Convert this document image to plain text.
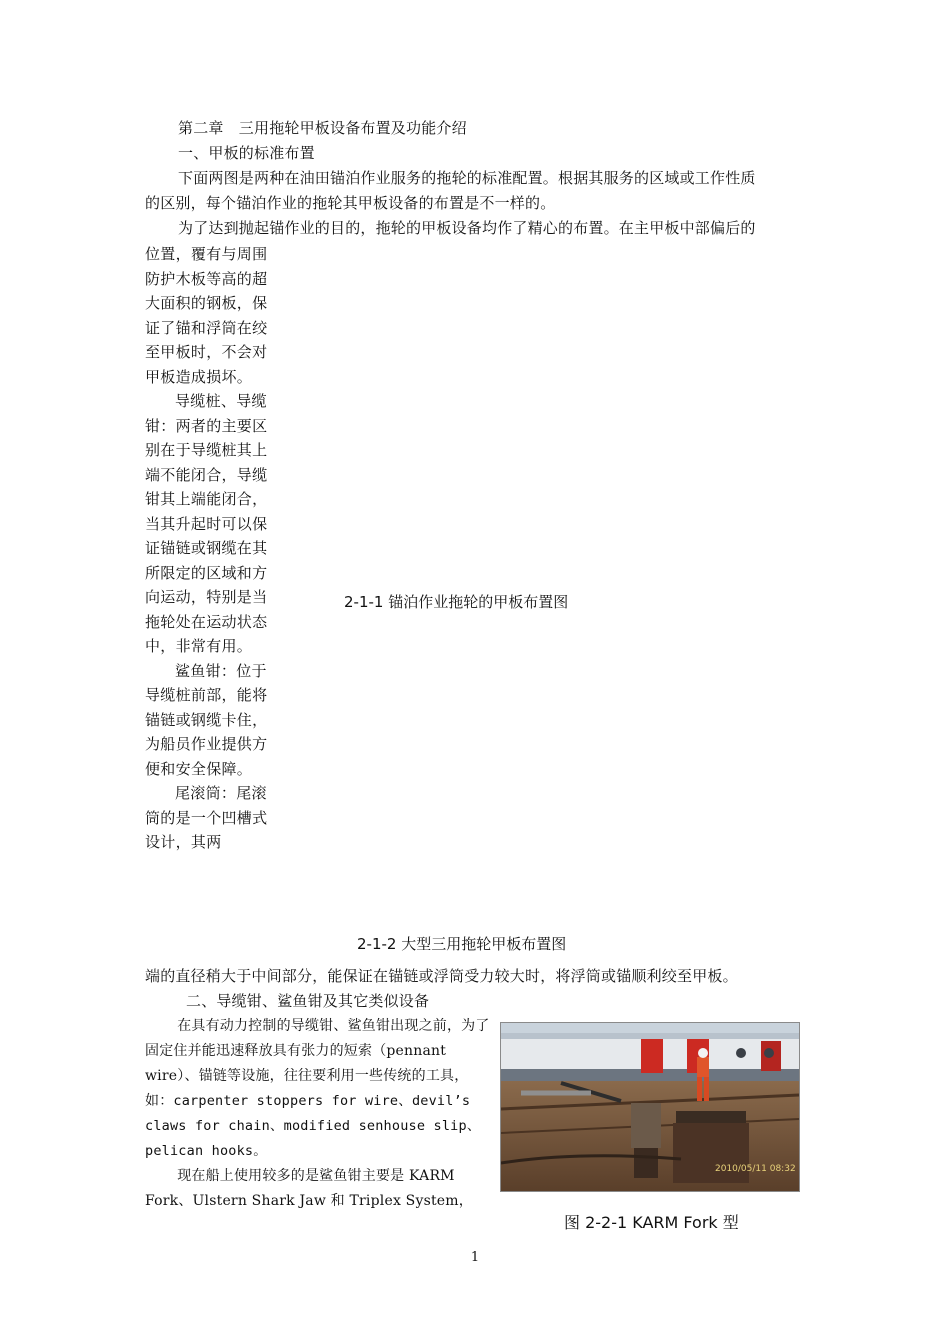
第二章　三用拖轮甲板设备布置及功能介绍
一、甲板的标准布置
下面两图是两种在油田锚泊作业服务的拖轮的标准配置。根据其服务的区域或工作性质
的区别，每个锚泊作业的拖轮其甲板设备的布置是不一样的。
为了达到抛起锚作业的目的，拖轮的甲板设备均作了精心的布置。在主甲板中部偏后的

位置，覆有与周围防护木板等高的超大面积的钢板，保证了锚和浮筒在绞至甲板时，不会对甲板造成损坏。

导缆桩、导缆钳：两者的主要区别在于导缆桩其上端不能闭合，导缆钳其上端能闭合，当其升起时可以保证锚链或钢缆在其所限定的区域和方向运动，特别是当拖轮处在运动状态中，非常有用。

鲨鱼钳：位于导缆桩前部，能将锚链或钢缆卡住，为船员作业提供方便和安全保障。

尾滚筒：尾滚筒的是一个凹槽式设计，其两

2-1-1 锚泊作业拖轮的甲板布置图
2-1-2 大型三用拖轮甲板布置图
端的直径稍大于中间部分，能保证在锚链或浮筒受力较大时，将浮筒或锚顺利绞至甲板。
二、导缆钳、鲨鱼钳及其它类似设备

在具有动力控制的导缆钳、鲨鱼钳出现之前，为了固定住并能迅速释放具有张力的短索（pennant wire）、锚链等设施，往往要利用一些传统的工具，如：carpenter stoppers for wire、devil’s claws for chain、modified senhouse slip、pelican hooks。

现在船上使用较多的是鲨鱼钳主要是 KARM Fork、Ulstern Shark Jaw 和 Triplex System，

2010/05/11 08:32
图 2-2-1 KARM Fork 型
1
